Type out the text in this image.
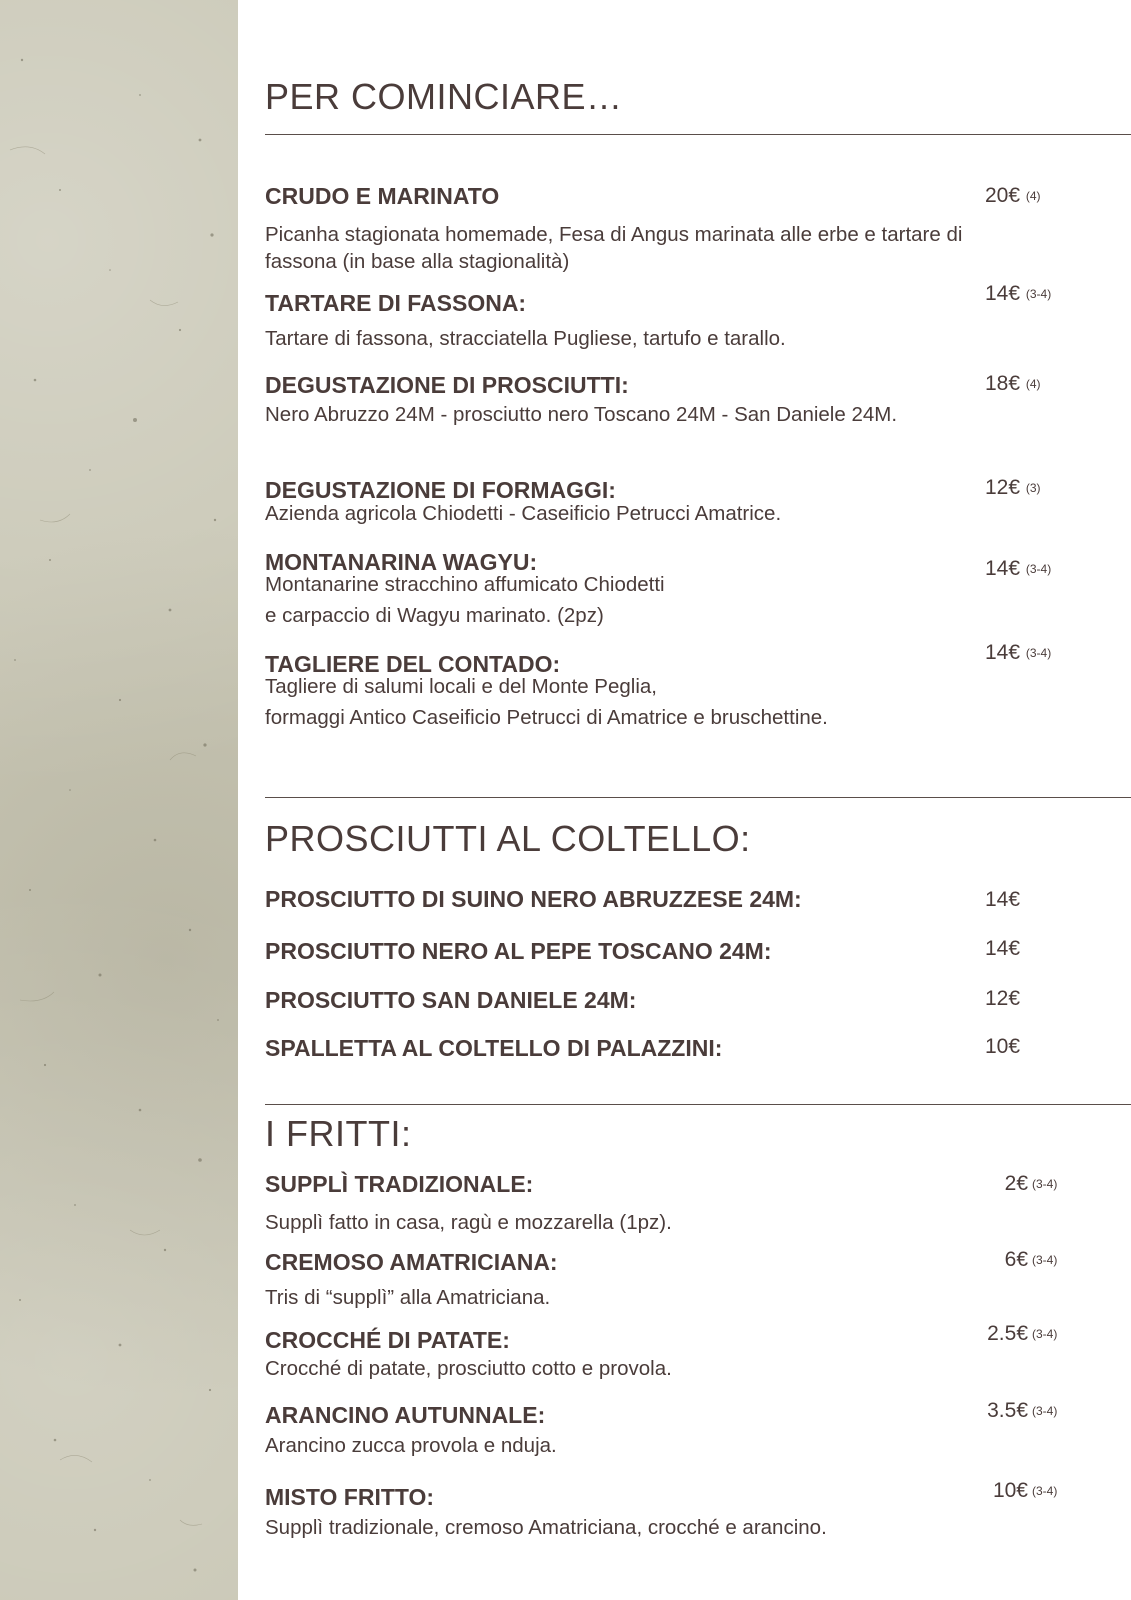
PER COMINCIARE…
CRUDO E MARINATO	20€ (4)
Picanha stagionata homemade, Fesa di Angus marinata alle erbe e tartare di fassona (in base alla stagionalità)
TARTARE DI FASSONA:	14€ (3-4)
Tartare di fassona, stracciatella Pugliese, tartufo e tarallo.
DEGUSTAZIONE DI PROSCIUTTI:	18€ (4)
Nero Abruzzo 24M - prosciutto nero Toscano 24M - San Daniele 24M.
DEGUSTAZIONE DI FORMAGGI:	12€ (3)
Azienda agricola Chiodetti - Caseificio Petrucci Amatrice.
MONTANARINA WAGYU:	14€ (3-4)
Montanarine stracchino affumicato Chiodetti
e carpaccio di Wagyu marinato. (2pz)
TAGLIERE DEL CONTADO:	14€ (3-4)
Tagliere di salumi locali e del Monte Peglia,
formaggi Antico Caseificio Petrucci di Amatrice e bruschettine.
PROSCIUTTI AL COLTELLO:
PROSCIUTTO DI SUINO NERO ABRUZZESE 24M:	14€
PROSCIUTTO NERO AL PEPE TOSCANO 24M:	14€
PROSCIUTTO SAN DANIELE 24M:	12€
SPALLETTA AL COLTELLO DI PALAZZINI:	10€
I FRITTI:
SUPPLÌ TRADIZIONALE:	2€ (3-4)

Supplì fatto in casa, ragù e mozzarella (1pz).
CREMOSO AMATRICIANA:	6€ (3-4)

Tris di “supplì” alla Amatriciana.
CROCCHÉ DI PATATE:	2.5€ (3-4)

Crocché di patate, prosciutto cotto e provola.
ARANCINO AUTUNNALE:	3.5€ (3-4)

Arancino zucca provola e nduja.
MISTO FRITTO:	10€ (3-4)

Supplì tradizionale, cremoso Amatriciana, crocché e arancino.
